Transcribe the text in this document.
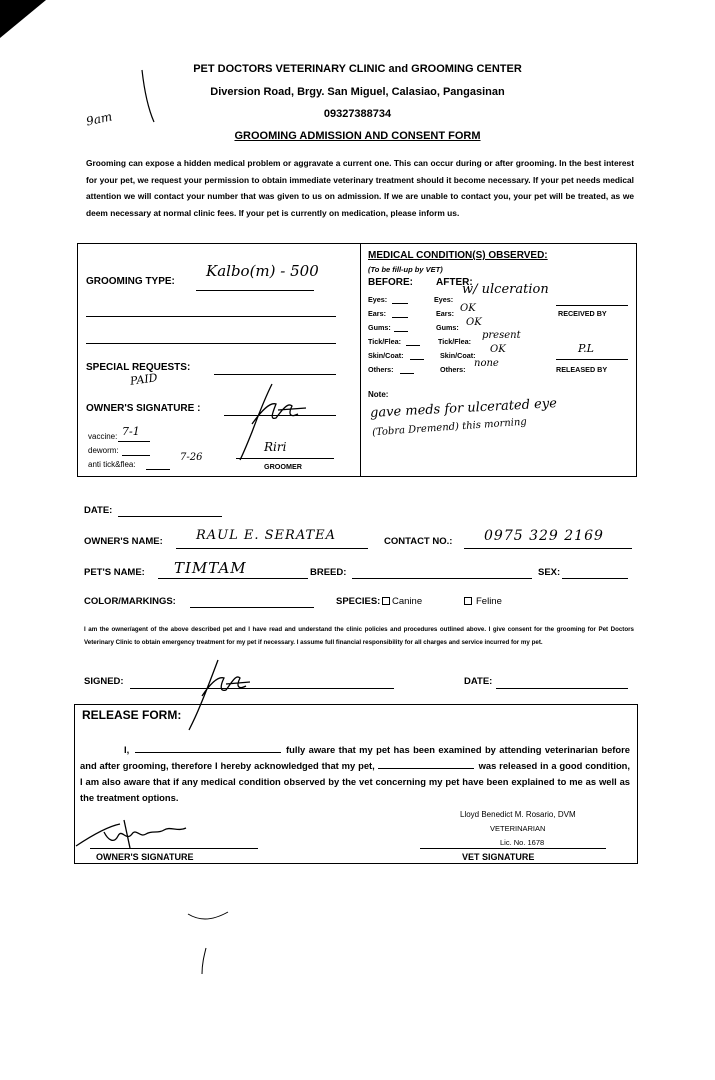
9am
PET DOCTORS VETERINARY CLINIC and GROOMING CENTER
Diversion Road, Brgy. San Miguel, Calasiao, Pangasinan
09327388734
GROOMING ADMISSION AND CONSENT FORM
Grooming can expose a hidden medical problem or aggravate a current one. This can occur during or after grooming. In the best interest for your pet, we request your permission to obtain immediate veterinary treatment should it become necessary. If your pet needs medical attention we will contact your number that was given to us on admission. If we are unable to contact you, your pet will be treated, as we deem necessary at normal clinic fees. If your pet is currently on medication, please inform us.
GROOMING TYPE:
Kalbo(m) - 500
SPECIAL REQUESTS:
PAID
OWNER'S SIGNATURE :
vaccine: 7-1
deworm:
anti tick&flea:
7-26
Riri
GROOMER
MEDICAL CONDITION(S) OBSERVED:
(To be fill-up by VET)
BEFORE: AFTER:
Eyes:	Eyes:
w/ ulceration
Ears:	Ears: OK
Gums:	Gums: OK
Tick/Flea:	Tick/Flea:
present
Skin/Coat:	Skin/Coat:
OK
Others:	Others:
none
RECEIVED BY
P.L
RELEASED BY
Note:
gave meds for ulcerated eye
(Tobra Dremend) this morning
DATE:
OWNER'S NAME:	RAUL E. SERATEA	CONTACT NO.: 0975 329 2169
PET'S NAME: TIMTAM	BREED:	SEX:
COLOR/MARKINGS:	SPECIES: Canine	Feline
I am the owner/agent of the above described pet and I have read and understand the clinic policies and procedures outlined above. I give consent for the grooming for Pet Doctors Veterinary Clinic to obtain emergency treatment for my pet if necessary. I assume full financial responsibility for all charges and service incurred for my pet.
SIGNED:	DATE:
RELEASE FORM:
I,	fully aware that my pet has been examined by attending veterinarian before and after grooming, therefore I hereby acknowledged that my pet,	was released in a good condition, I am also aware that if any medical condition observed by the vet concerning my pet have been explained to me as well as the treatment options.
OWNER'S SIGNATURE
Lloyd Benedict M. Rosario, DVM
VETERINARIAN
Lic. No. 1678
VET SIGNATURE
